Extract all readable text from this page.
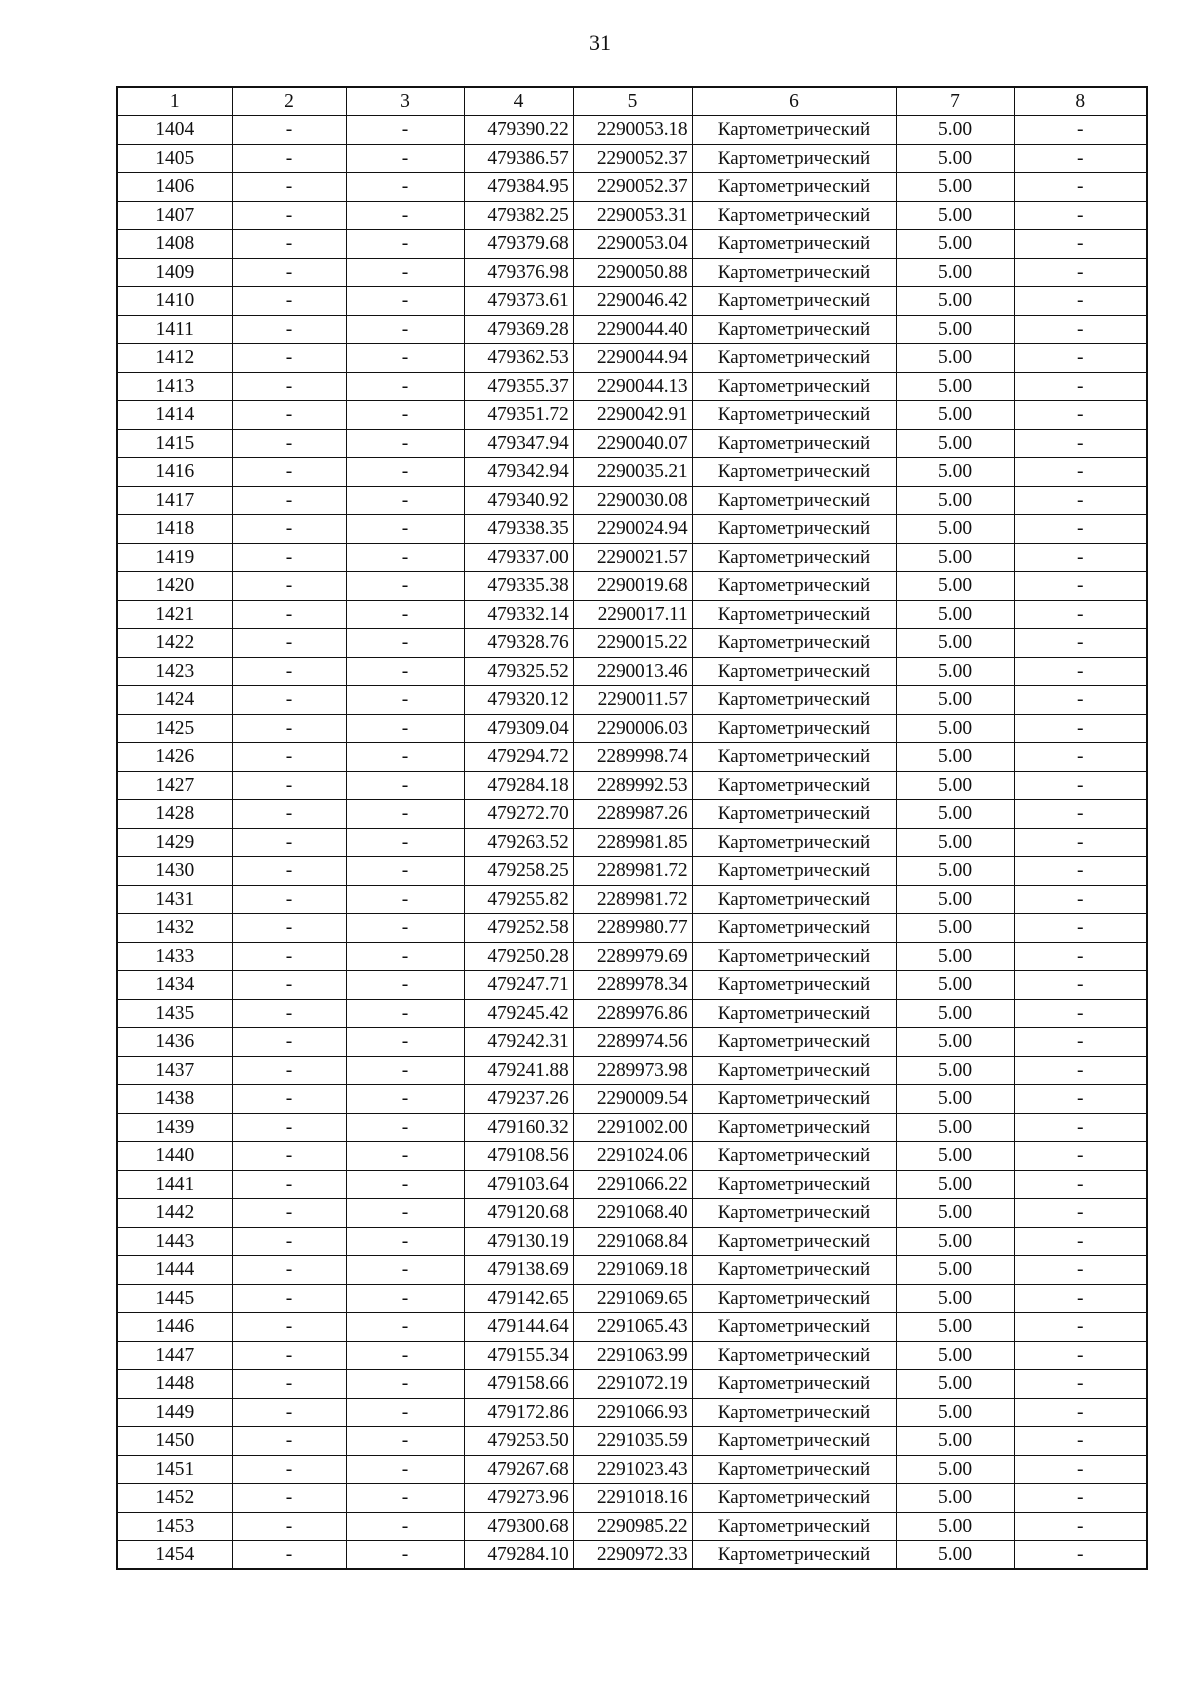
31
1	2	3	4	5	6	7	8
1404	-	-	479390.22	2290053.18	Картометрический	5.00	-
1405	-	-	479386.57	2290052.37	Картометрический	5.00	-
1406	-	-	479384.95	2290052.37	Картометрический	5.00	-
1407	-	-	479382.25	2290053.31	Картометрический	5.00	-
1408	-	-	479379.68	2290053.04	Картометрический	5.00	-
1409	-	-	479376.98	2290050.88	Картометрический	5.00	-
1410	-	-	479373.61	2290046.42	Картометрический	5.00	-
1411	-	-	479369.28	2290044.40	Картометрический	5.00	-
1412	-	-	479362.53	2290044.94	Картометрический	5.00	-
1413	-	-	479355.37	2290044.13	Картометрический	5.00	-
1414	-	-	479351.72	2290042.91	Картометрический	5.00	-
1415	-	-	479347.94	2290040.07	Картометрический	5.00	-
1416	-	-	479342.94	2290035.21	Картометрический	5.00	-
1417	-	-	479340.92	2290030.08	Картометрический	5.00	-
1418	-	-	479338.35	2290024.94	Картометрический	5.00	-
1419	-	-	479337.00	2290021.57	Картометрический	5.00	-
1420	-	-	479335.38	2290019.68	Картометрический	5.00	-
1421	-	-	479332.14	2290017.11	Картометрический	5.00	-
1422	-	-	479328.76	2290015.22	Картометрический	5.00	-
1423	-	-	479325.52	2290013.46	Картометрический	5.00	-
1424	-	-	479320.12	2290011.57	Картометрический	5.00	-
1425	-	-	479309.04	2290006.03	Картометрический	5.00	-
1426	-	-	479294.72	2289998.74	Картометрический	5.00	-
1427	-	-	479284.18	2289992.53	Картометрический	5.00	-
1428	-	-	479272.70	2289987.26	Картометрический	5.00	-
1429	-	-	479263.52	2289981.85	Картометрический	5.00	-
1430	-	-	479258.25	2289981.72	Картометрический	5.00	-
1431	-	-	479255.82	2289981.72	Картометрический	5.00	-
1432	-	-	479252.58	2289980.77	Картометрический	5.00	-
1433	-	-	479250.28	2289979.69	Картометрический	5.00	-
1434	-	-	479247.71	2289978.34	Картометрический	5.00	-
1435	-	-	479245.42	2289976.86	Картометрический	5.00	-
1436	-	-	479242.31	2289974.56	Картометрический	5.00	-
1437	-	-	479241.88	2289973.98	Картометрический	5.00	-
1438	-	-	479237.26	2290009.54	Картометрический	5.00	-
1439	-	-	479160.32	2291002.00	Картометрический	5.00	-
1440	-	-	479108.56	2291024.06	Картометрический	5.00	-
1441	-	-	479103.64	2291066.22	Картометрический	5.00	-
1442	-	-	479120.68	2291068.40	Картометрический	5.00	-
1443	-	-	479130.19	2291068.84	Картометрический	5.00	-
1444	-	-	479138.69	2291069.18	Картометрический	5.00	-
1445	-	-	479142.65	2291069.65	Картометрический	5.00	-
1446	-	-	479144.64	2291065.43	Картометрический	5.00	-
1447	-	-	479155.34	2291063.99	Картометрический	5.00	-
1448	-	-	479158.66	2291072.19	Картометрический	5.00	-
1449	-	-	479172.86	2291066.93	Картометрический	5.00	-
1450	-	-	479253.50	2291035.59	Картометрический	5.00	-
1451	-	-	479267.68	2291023.43	Картометрический	5.00	-
1452	-	-	479273.96	2291018.16	Картометрический	5.00	-
1453	-	-	479300.68	2290985.22	Картометрический	5.00	-
1454	-	-	479284.10	2290972.33	Картометрический	5.00	-
